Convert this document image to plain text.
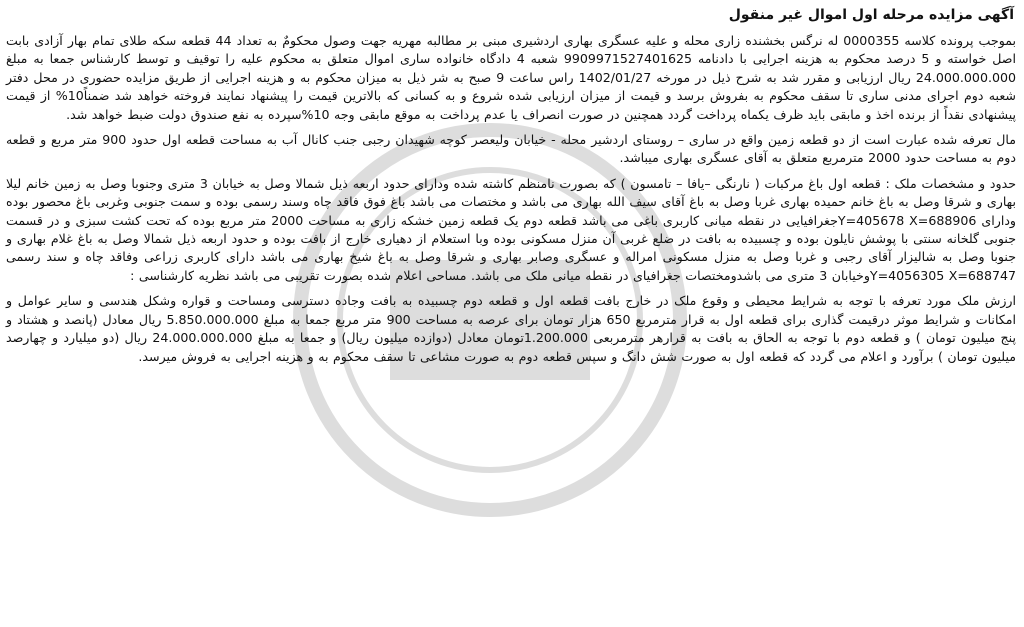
آگهی مزایده مرحله اول اموال غیر منقول

بموجب پرونده کلاسه 0000355 له نرگس بخشنده زاری محله و علیه عسگری بهاری اردشیری مبنی بر مطالبه مهریه جهت وصول محکومٌ به تعداد 44 قطعه سکه طلای تمام بهار آزادی بابت اصل خواسته و 5 درصد محکوم به هزینه اجرایی با دادنامه 9909971527401625 شعبه 4 دادگاه خانواده ساری اموال متعلق به محکوم علیه را توقیف و توسط کارشناس جمعا به مبلغ 24.000.000.000 ریال ارزیابی و مقرر شد به شرح ذیل در مورخه 1402/01/27 راس ساعت 9 صبح به شر ذیل به میزان محکوم به و هزینه اجرایی از طریق مزایده حضوری در محل دفتر شعبه دوم اجرای مدنی ساری تا سقف محکوم به بفروش برسد و قیمت از میزان ارزیابی شده شروع و به کسانی که بالاترین قیمت را پیشنهاد نمایند فروخته خواهد شد ضمناً10% از قیمت پیشنهادی نقداً از برنده اخذ و مابقی باید ظرف یکماه پرداخت گردد همچنین در صورت انصراف یا عدم پرداخت به موقع مابقی وجه 10%سپرده به نفع صندوق دولت ضبط خواهد شد.

مال تعرفه شده عبارت است از دو قطعه زمین واقع در ساری – روستای اردشیر محله - خیابان ولیعصر کوچه شهیدان رجبی جنب کانال آب به مساحت قطعه اول حدود 900 متر مربع و قطعه دوم به مساحت حدود 2000 مترمربع متعلق به آقای عسگری بهاری میباشد.

حدود و مشخصات ملک : قطعه اول باغ مرکبات ( نارنگی –یافا – تامسون ) که بصورت نامنظم کاشته شده ودارای حدود اربعه ذیل شمالا وصل به خیابان 3 متری وجنوبا وصل به زمین خانم لیلا بهاری و شرقا وصل به باغ خانم حمیده بهاری غربا وصل به باغ آقای سیف الله بهاری می باشد و مختصات می باشد باغ فوق فاقد چاه وسند رسمی بوده و سمت جنوبی وغربی باغ محصور بوده ودارای Y=405678 X=688906جغرافیایی در نقطه میانی کاربری باغی می باشد قطعه دوم یک قطعه زمین خشکه زاری به مساحت 2000 متر مربع بوده که تحت کشت سبزی و در قسمت جنوبی گلخانه سنتی با پوشش نایلون بوده و چسبیده به بافت در ضلع غربی آن منزل مسکونی بوده وبا استعلام از دهیاری خارج از بافت بوده و حدود اربعه ذیل شمالا وصل به باغ غلام بهاری و جنوبا وصل به شالیزار آقای رجبی و غربا وصل به منزل مسکونی امراله و عسگری وصابر بهاری و شرقا وصل به باغ شیخ بهاری می باشد دارای کاربری زراعی وفاقد چاه و سند رسمی Y=4056305 X=688747وخیابان 3 متری می باشدومختصات جغرافیای در نقطه میانی ملک می باشد. مساحی اعلام شده بصورت تقریبی می باشد نظریه کارشناسی :

ارزش ملک مورد تعرفه با توجه به شرایط محیطی و وقوع ملک در خارج بافت قطعه اول و قطعه دوم چسبیده به بافت وجاده دسترسی ومساحت و قواره وشکل هندسی و سایر عوامل و امکانات و شرایط موثر درقیمت گذاری برای قطعه اول به قرار مترمربع 650 هزار تومان برای عرصه به مساحت 900 متر مربع جمعا به مبلغ 5.850.000.000 ریال معادل (پانصد و هشتاد و پنج میلیون تومان ) و قطعه دوم با توجه به الحاق به بافت به قرارهر مترمربعی 1.200.000تومان معادل (دوازده میلیون ریال) و جمعا به مبلغ 24.000.000.000 ریال (دو میلیارد و چهارصد میلیون تومان ) برآورد و اعلام می گردد که قطعه اول به صورت شش دانگ و سپس قطعه دوم به صورت مشاعی تا سقف محکوم به و هزینه اجرایی به فروش میرسد.
